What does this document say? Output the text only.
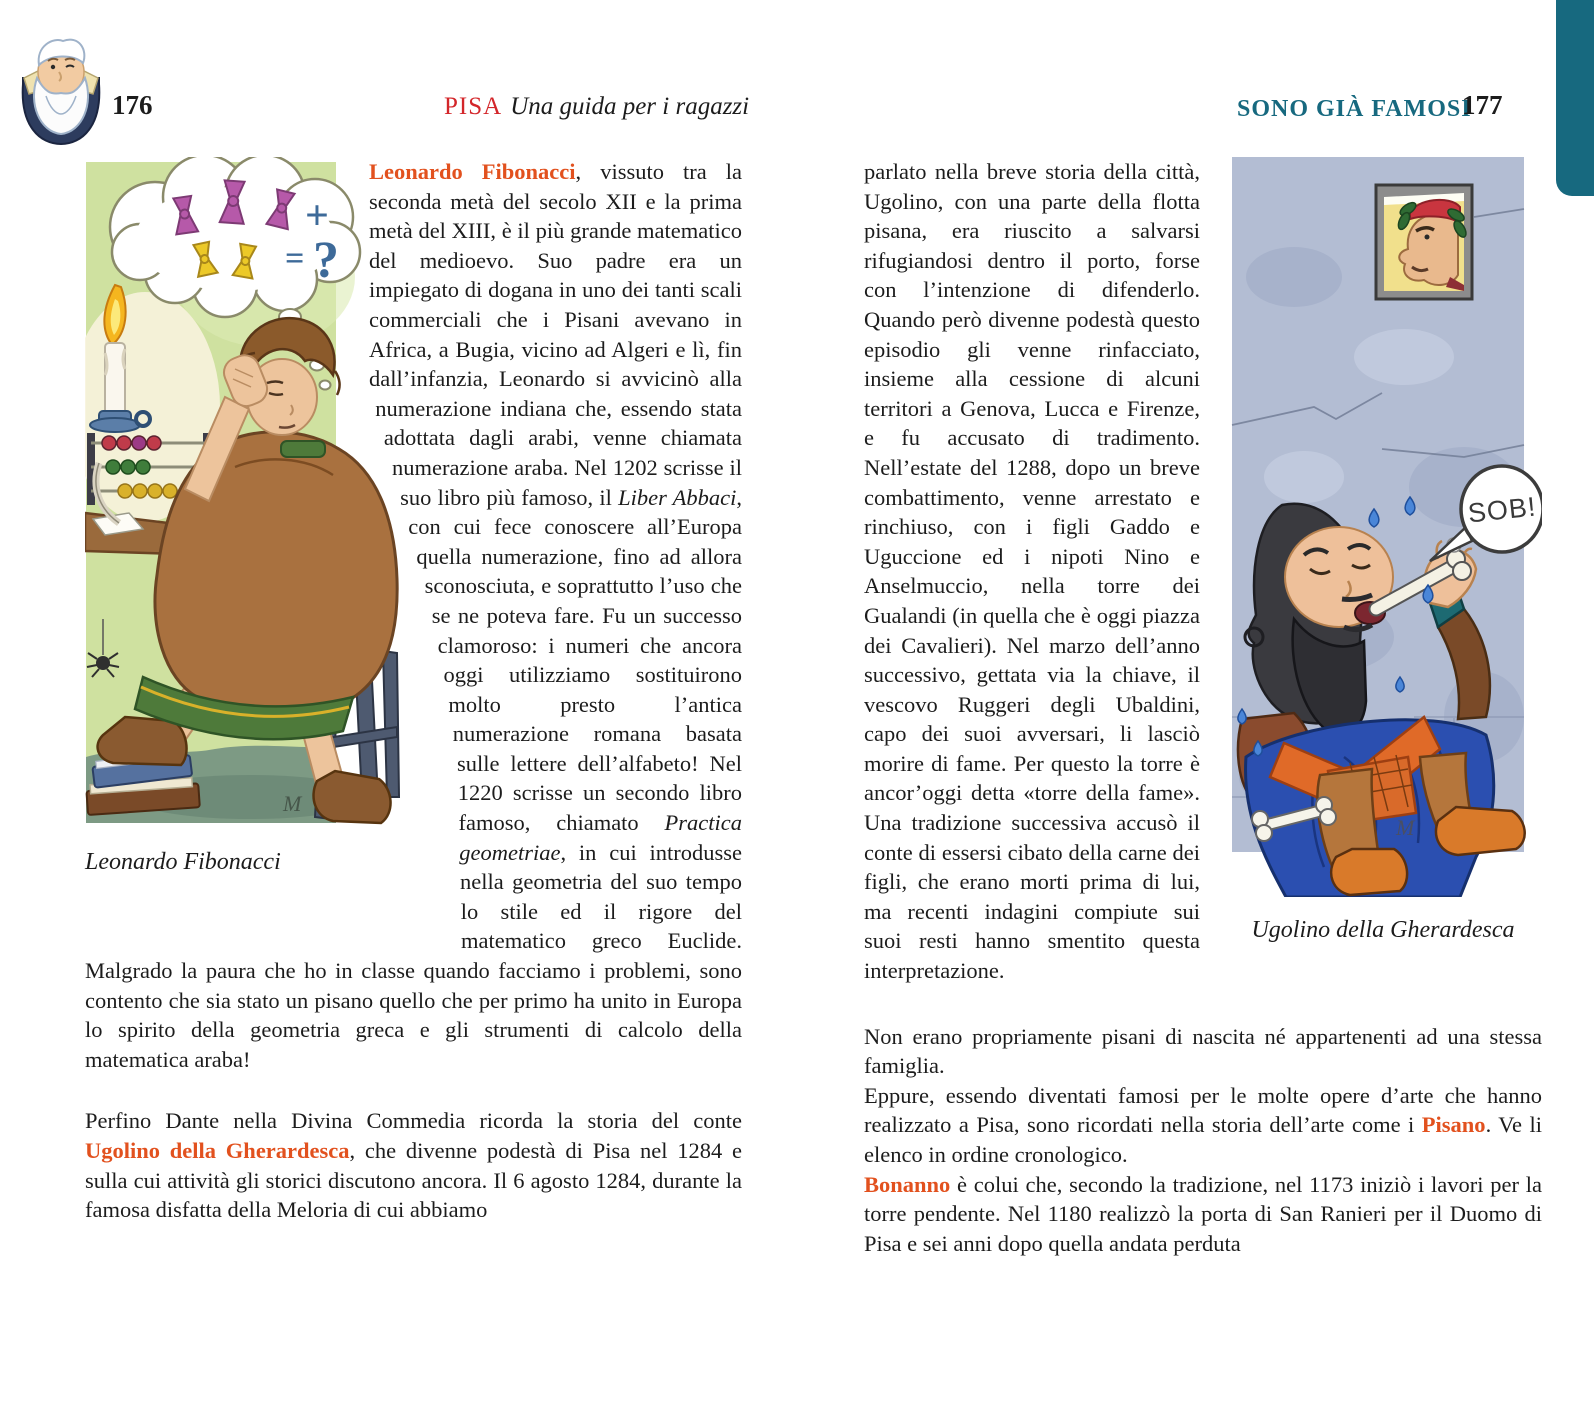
176	PISA Una guida per i ragazzi	SONO GIÀ FAMOSI
177
+
= ?
M
Leonardo Fibonacci

Leonardo Fibonacci, vissuto tra la seconda metà del secolo XII e la prima metà del XIII, è il più grande matematico del medioevo. Suo padre era un impiegato di dogana in uno dei tanti scali commerciali che i Pisani avevano in Africa, a Bugia, vicino ad Algeri e lì, fin dall’infanzia, Leonardo si avvicinò alla numerazione indiana che, essendo stata adottata dagli arabi, venne chiamata numerazione araba. Nel 1202 scrisse il suo libro più famoso, il Liber Abbaci, con cui fece conoscere all’Europa quella numerazione, fino ad allora sconosciuta, e soprattutto l’uso che se ne poteva fare. Fu un successo clamoroso: i numeri che ancora oggi utilizziamo sostituirono molto presto l’antica numerazione romana basata sulle lettere dell’alfabeto! Nel 1220 scrisse un secondo libro famoso, chiamato Practica geometriae, in cui introdusse nella geometria del suo tempo lo stile ed il rigore del matematico greco Euclide. Malgrado la paura che ho in classe quando facciamo i problemi, sono contento che sia stato un pisano quello che per primo ha unito in Europa lo spirito della geometria greca e gli strumenti di calcolo della matematica araba!

Perfino Dante nella Divina Commedia ricorda la storia del conte Ugolino della Gherardesca, che divenne podestà di Pisa nel 1284 e sulla cui attività gli storici discutono ancora. Il 6 agosto 1284, durante la famosa disfatta della Meloria di cui abbiamo

parlato nella breve storia della città, Ugolino, con una parte della flotta pisana, era riuscito a salvarsi rifugiandosi dentro il porto, forse con l’intenzione di difenderlo. Quando però divenne podestà questo episodio gli venne rinfacciato, insieme alla cessione di alcuni territori a Genova, Lucca e Firenze, e fu accusato di tradimento. Nell’estate del 1288, dopo un breve combattimento, venne arrestato e rinchiuso, con i figli Gaddo e Uguccione ed i nipoti Nino e Anselmuccio, nella torre dei Gualandi (in quella che è oggi piazza dei Cavalieri). Nel marzo dell’anno successivo, gettata via la chiave, il vescovo Ruggeri degli Ubaldini, capo dei suoi avversari, li lasciò morire di fame. Per questo la torre è ancor’oggi detta «torre della fame». Una tradizione successiva accusò il conte di essersi cibato della carne dei figli, che erano morti prima di lui, ma recenti indagini compiute sui suoi resti hanno smentito questa interpretazione.

SOB!
M
Ugolino della Gherardesca

Non erano propriamente pisani di nascita né appartenenti ad una stessa famiglia.

Eppure, essendo diventati famosi per le molte opere d’arte che hanno realizzato a Pisa, sono ricordati nella storia dell’arte come i Pisano. Ve li elenco in ordine cronologico.

Bonanno è colui che, secondo la tradizione, nel 1173 iniziò i lavori per la torre pendente. Nel 1180 realizzò la porta di San Ranieri per il Duomo di Pisa e sei anni dopo quella andata perduta
